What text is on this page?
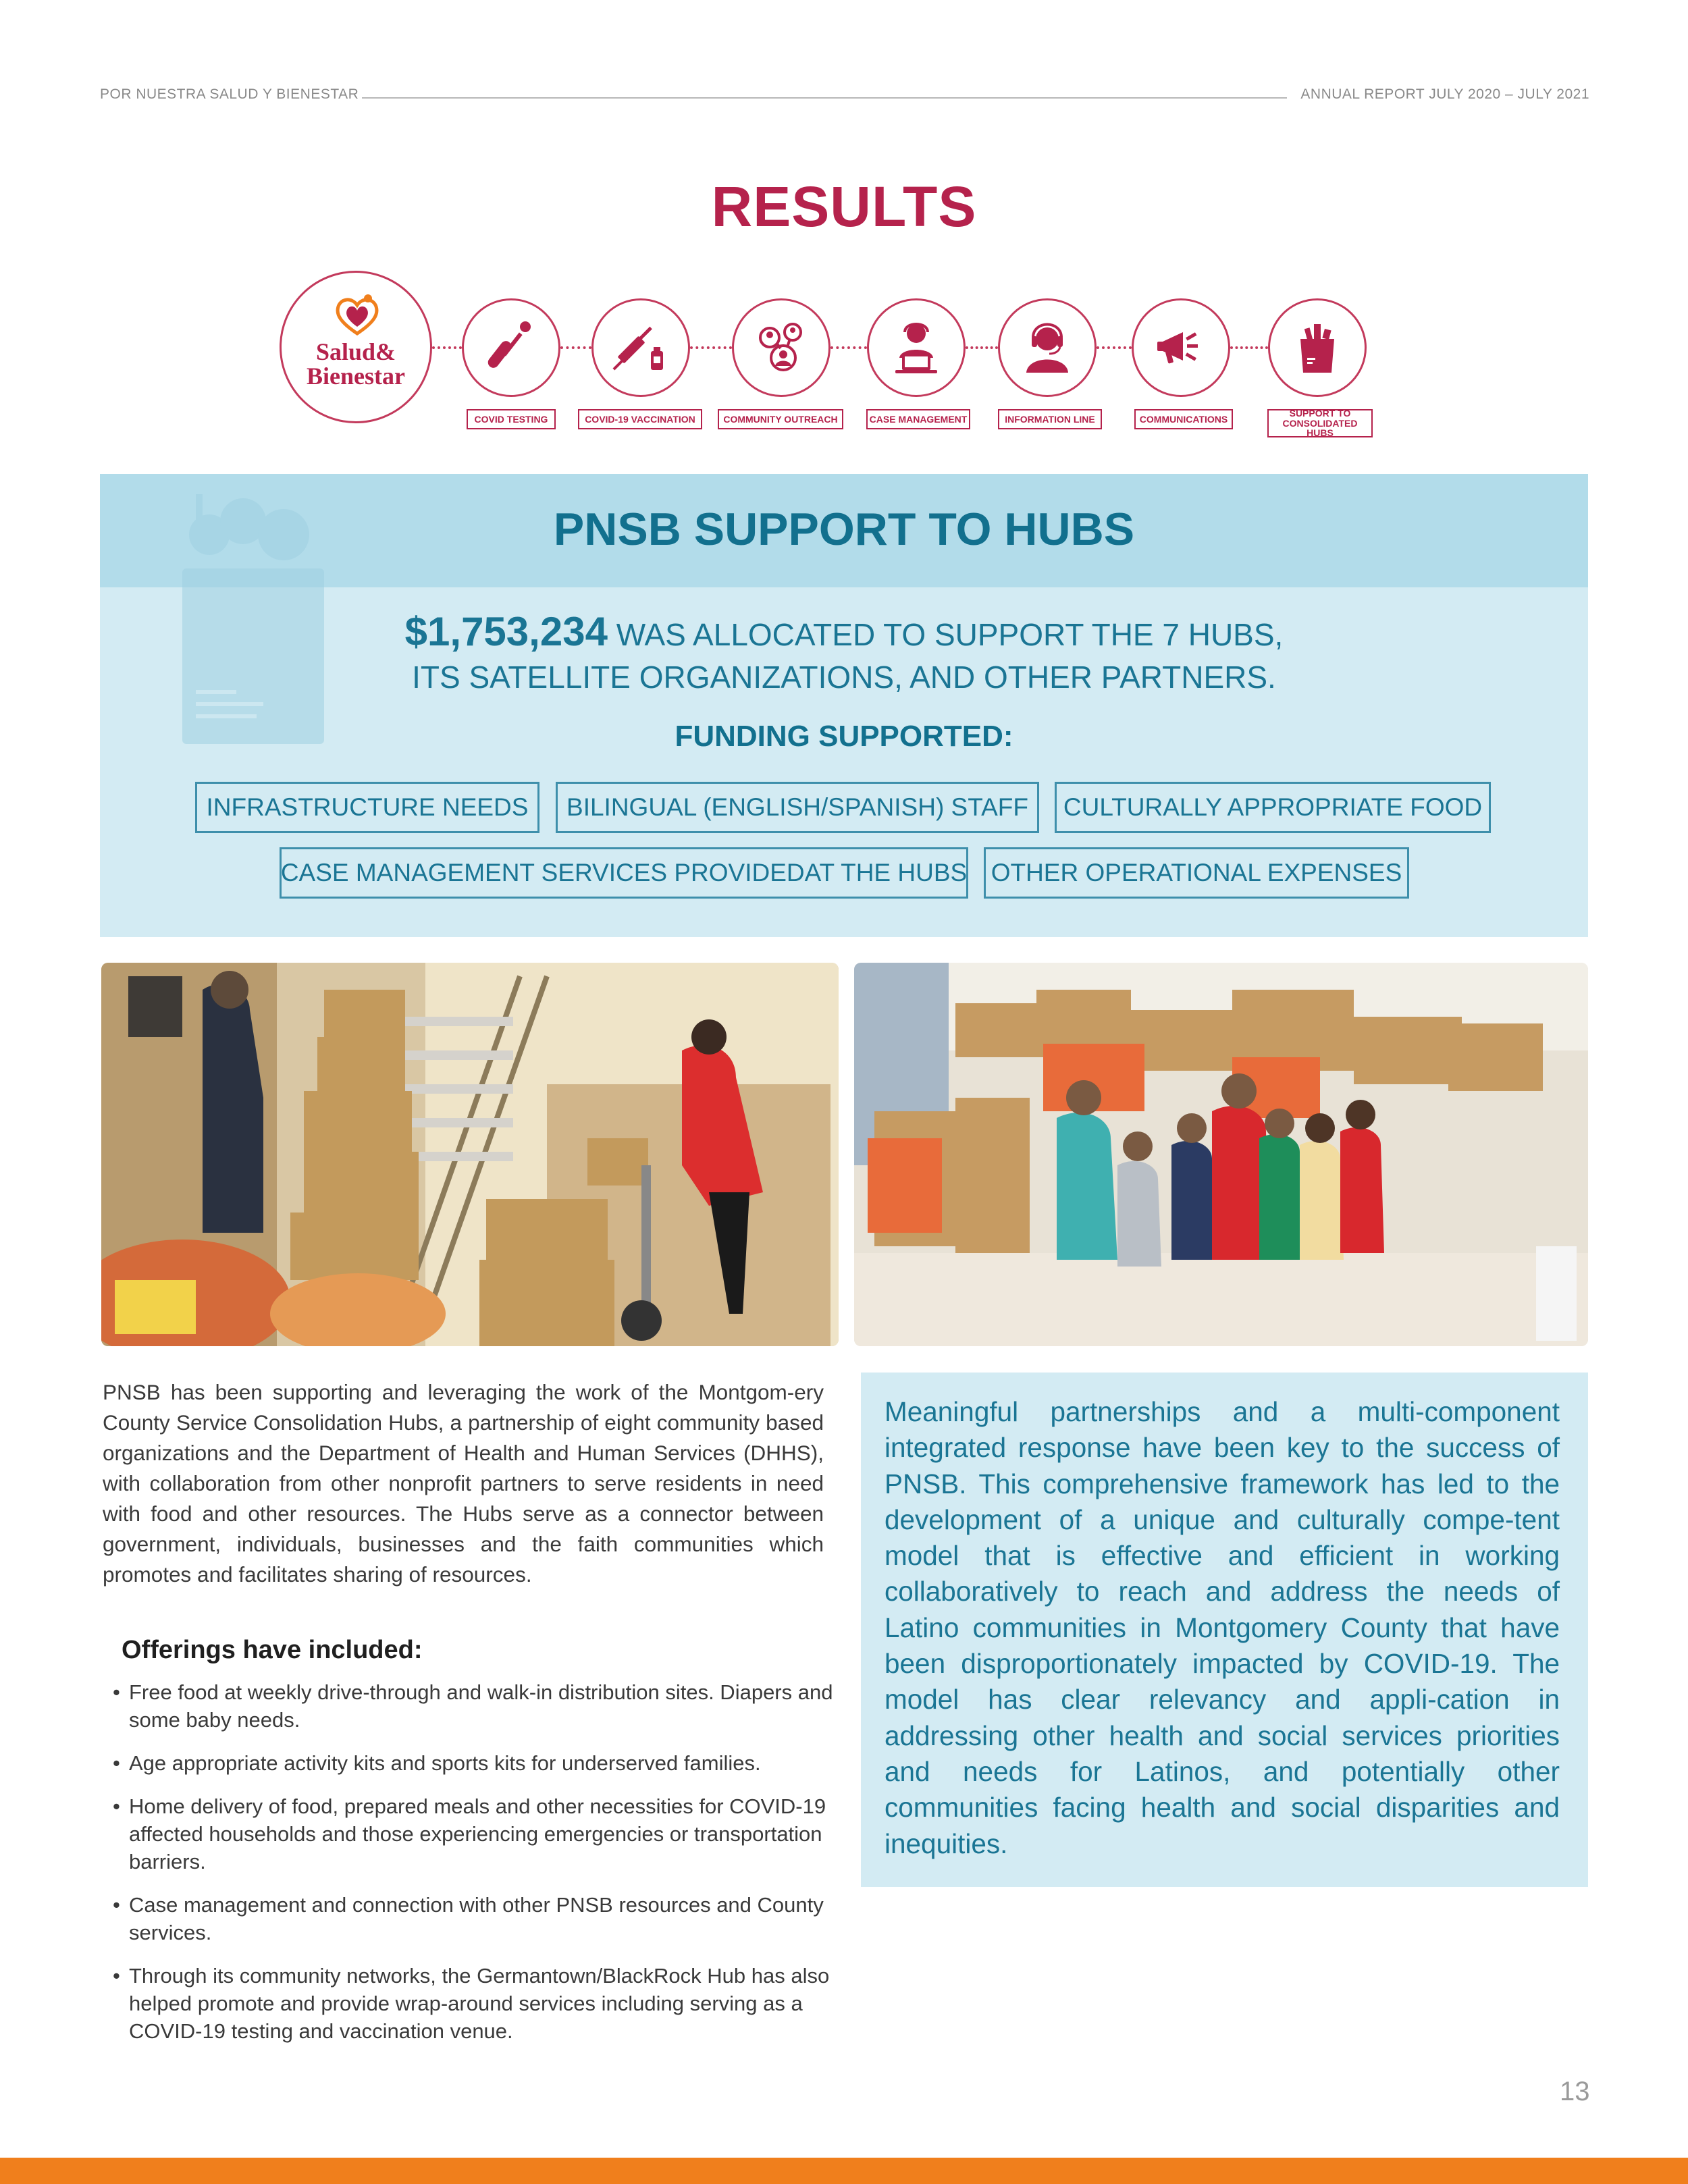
POR NUESTRA SALUD Y BIENESTAR	ANNUAL REPORT JULY 2020 – JULY 2021
RESULTS
Salud&
Bienestar
COVID TESTING	COVID-19 VACCINATION	COMMUNITY OUTREACH	CASE MANAGEMENT	INFORMATION LINE	COMMUNICATIONS
SUPPORT TO
CONSOLIDATED HUBS
PNSB SUPPORT TO HUBS
$1,753,234 WAS ALLOCATED TO SUPPORT THE 7 HUBS,
ITS SATELLITE ORGANIZATIONS, AND OTHER PARTNERS.
FUNDING SUPPORTED:
INFRASTRUCTURE NEEDS	BILINGUAL (ENGLISH/SPANISH) STAFF	CULTURALLY APPROPRIATE FOOD
CASE MANAGEMENT SERVICES PROVIDEDAT THE HUBS OTHER OPERATIONAL EXPENSES
PNSB has been supporting and leveraging the work of the Montgom-ery County Service Consolidation Hubs, a partnership of eight community based organizations and the Department of Health and Human Services (DHHS), with collaboration from other nonprofit partners to serve residents in need with food and other resources. The Hubs serve as a connector between government, individuals, businesses and the faith communities which promotes and facilitates sharing of resources.
Offerings have included:
• Free food at weekly drive-through and walk-in distribution sites. Diapers and some baby needs.
• Age appropriate activity kits and sports kits for underserved families.
• Home delivery of food, prepared meals and other necessities for COVID-19 affected households and those experiencing emergencies or transportation barriers.
• Case management and connection with other PNSB resources and County services.
• Through its community networks, the Germantown/BlackRock Hub has also helped promote and provide wrap-around services including serving as a COVID-19 testing and vaccination venue.
Meaningful partnerships and a multi-component integrated response have been key to the success of PNSB. This comprehensive framework has led to the development of a unique and culturally compe-tent model that is effective and efficient in working collaboratively to reach and address the needs of Latino communities in Montgomery County that have been disproportionately impacted by COVID-19. The model has clear relevancy and appli-cation in addressing other health and social services priorities and needs for Latinos, and potentially other communities facing health and social disparities and inequities.
13
